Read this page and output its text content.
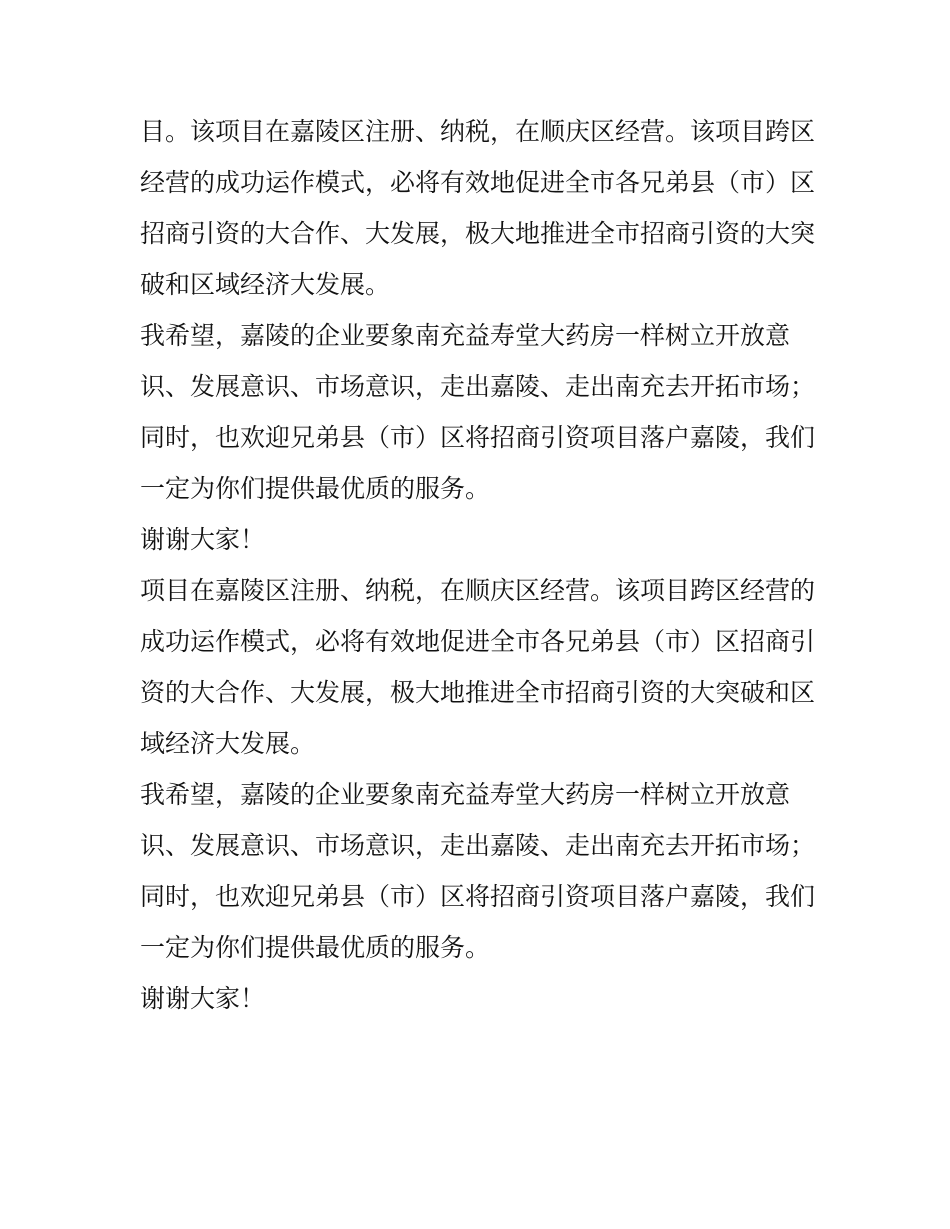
目。该项目在嘉陵区注册、纳税，在顺庆区经营。该项目跨区

经营的成功运作模式，必将有效地促进全市各兄弟县（市）区

招商引资的大合作、大发展，极大地推进全市招商引资的大突

破和区域经济大发展。

我希望，嘉陵的企业要象南充益寿堂大药房一样树立开放意

识、发展意识、市场意识，走出嘉陵、走出南充去开拓市场；

同时，也欢迎兄弟县（市）区将招商引资项目落户嘉陵，我们

一定为你们提供最优质的服务。

谢谢大家！

项目在嘉陵区注册、纳税，在顺庆区经营。该项目跨区经营的

成功运作模式，必将有效地促进全市各兄弟县（市）区招商引

资的大合作、大发展，极大地推进全市招商引资的大突破和区

域经济大发展。

我希望，嘉陵的企业要象南充益寿堂大药房一样树立开放意

识、发展意识、市场意识，走出嘉陵、走出南充去开拓市场；

同时，也欢迎兄弟县（市）区将招商引资项目落户嘉陵，我们

一定为你们提供最优质的服务。

谢谢大家！
